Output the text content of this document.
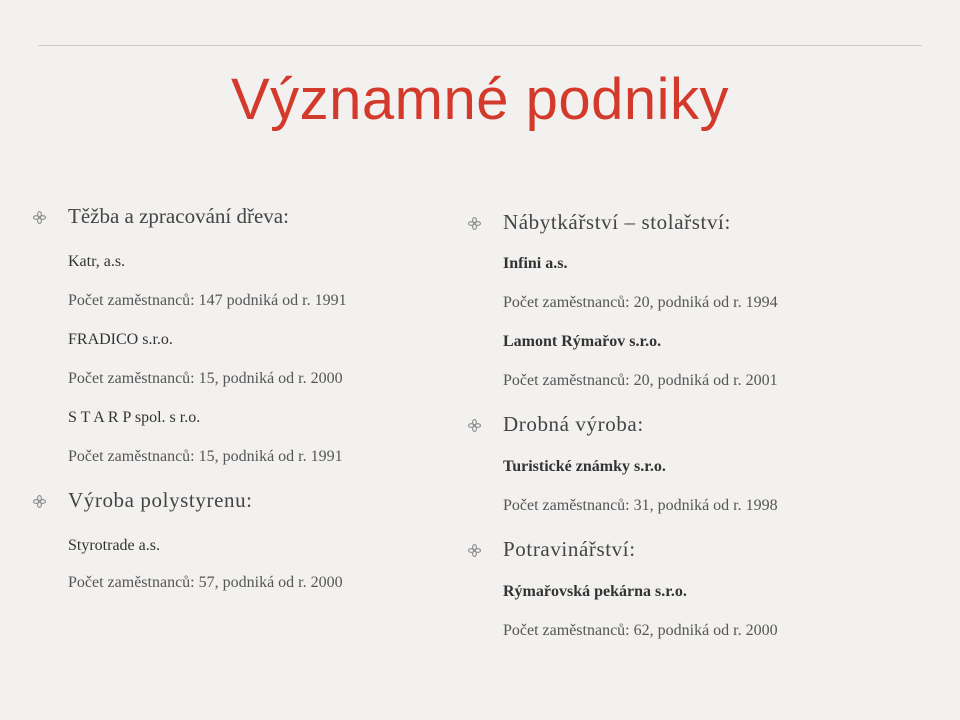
Významné podniky
Těžba a zpracování dřeva:
Katr, a.s.
Počet zaměstnanců: 147 podniká od r. 1991
FRADICO s.r.o.
Počet zaměstnanců: 15, podniká od r. 2000
S T A R P spol. s r.o.
Počet zaměstnanců: 15, podniká od r. 1991
Výroba polystyrenu:
Styrotrade a.s.
Počet zaměstnanců: 57, podniká od r. 2000
Nábytkářství – stolařství:
Infini a.s.
Počet zaměstnanců: 20, podniká od r. 1994
Lamont Rýmařov s.r.o.
Počet zaměstnanců: 20, podniká od r. 2001
Drobná výroba:
Turistické známky s.r.o.
Počet zaměstnanců: 31, podniká od r. 1998
Potravinářství:
Rýmařovská pekárna s.r.o.
Počet zaměstnanců: 62, podniká od r. 2000
